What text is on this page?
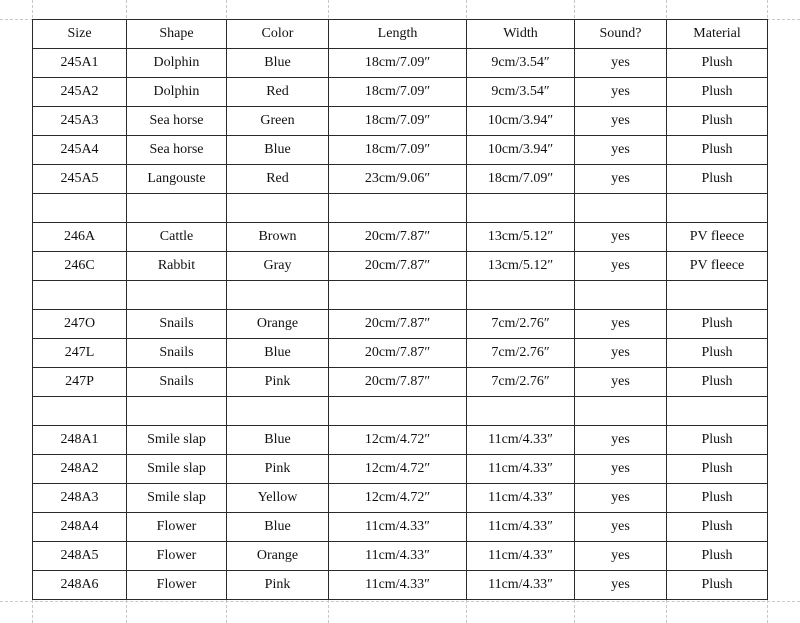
Size	Shape	Color	Length	Width	Sound?	Material
245A1	Dolphin	Blue	18cm/7.09″	9cm/3.54″	yes	Plush
245A2	Dolphin	Red	18cm/7.09″	9cm/3.54″	yes	Plush
245A3	Sea horse	Green	18cm/7.09″	10cm/3.94″	yes	Plush
245A4	Sea horse	Blue	18cm/7.09″	10cm/3.94″	yes	Plush
245A5	Langouste	Red	23cm/9.06″	18cm/7.09″	yes	Plush

246A	Cattle	Brown	20cm/7.87″	13cm/5.12″	yes	PV fleece
246C	Rabbit	Gray	20cm/7.87″	13cm/5.12″	yes	PV fleece

247O	Snails	Orange	20cm/7.87″	7cm/2.76″	yes	Plush
247L	Snails	Blue	20cm/7.87″	7cm/2.76″	yes	Plush
247P	Snails	Pink	20cm/7.87″	7cm/2.76″	yes	Plush

248A1	Smile slap	Blue	12cm/4.72″	11cm/4.33″	yes	Plush
248A2	Smile slap	Pink	12cm/4.72″	11cm/4.33″	yes	Plush
248A3	Smile slap	Yellow	12cm/4.72″	11cm/4.33″	yes	Plush
248A4	Flower	Blue	11cm/4.33″	11cm/4.33″	yes	Plush
248A5	Flower	Orange	11cm/4.33″	11cm/4.33″	yes	Plush
248A6	Flower	Pink	11cm/4.33″	11cm/4.33″	yes	Plush
